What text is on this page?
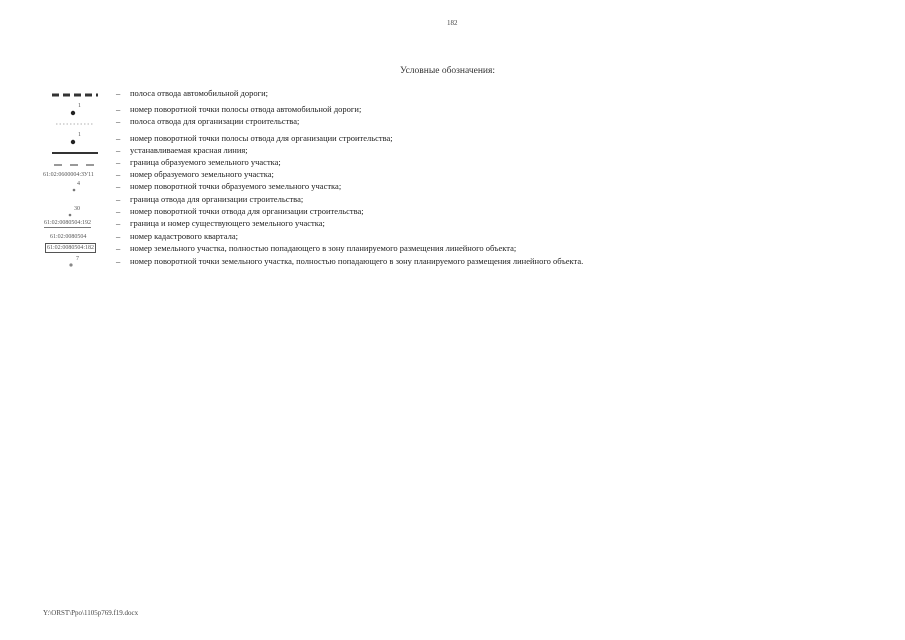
182
Условные обозначения:
– полоса отвода автомобильной дороги;
1	– номер поворотной точки полосы отвода автомобильной дороги;
– полоса отвода для организации строительства;
1	– номер поворотной точки полосы отвода для организации строительства;
– устанавливаемая красная линия;
– граница образуемого земельного участка;
61:02:0600004:ЗУ11	– номер образуемого земельного участка;
4	– номер поворотной точки образуемого земельного участка;
– граница отвода для организации строительства;
30	– номер поворотной точки отвода для организации строительства;
61:02:0080504:192	– граница и номер существующего земельного участка;
61:02:0080504	– номер кадастрового квартала;
61:02:0080504:182	– номер земельного участка, полностью попадающего в зону планируемого размещения линейного объекта;
7	– номер поворотной точки земельного участка, полностью попадающего в зону планируемого размещения линейного объекта.
Y:\ORST\Ppo\1105p769.f19.docx
